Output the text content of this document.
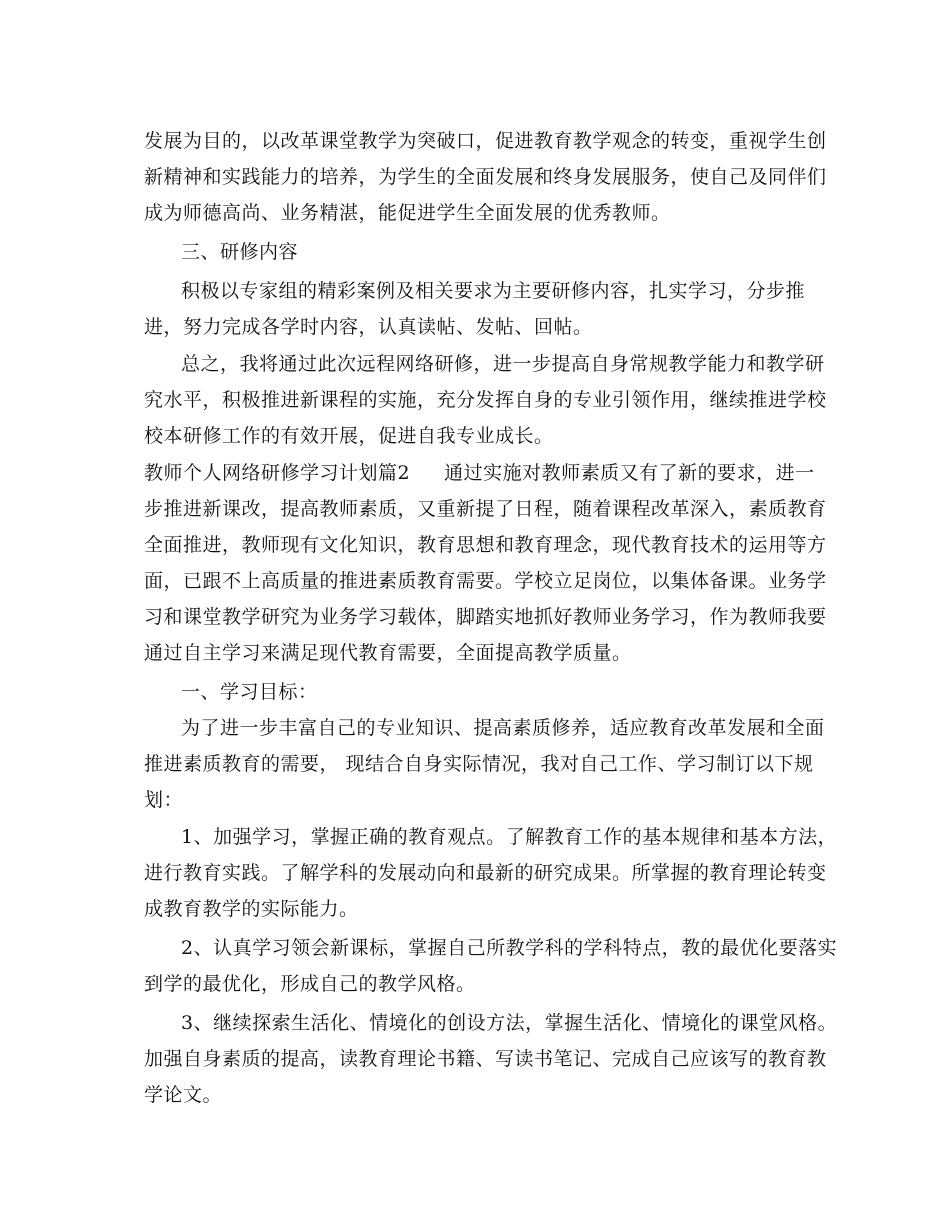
发展为目的，以改革课堂教学为突破口，促进教育教学观念的转变，重视学生创
新精神和实践能力的培养，为学生的全面发展和终身发展服务，使自己及同伴们
成为师德高尚、业务精湛，能促进学生全面发展的优秀教师。
三、研修内容
积极以专家组的精彩案例及相关要求为主要研修内容，扎实学习，分步推
进，努力完成各学时内容，认真读帖、发帖、回帖。
总之，我将通过此次远程网络研修，进一步提高自身常规教学能力和教学研
究水平，积极推进新课程的实施，充分发挥自身的专业引领作用，继续推进学校
校本研修工作的有效开展，促进自我专业成长。
教师个人网络研修学习计划篇2 通过实施对教师素质又有了新的要求，进一
步推进新课改，提高教师素质，又重新提了日程，随着课程改革深入，素质教育
全面推进，教师现有文化知识，教育思想和教育理念，现代教育技术的运用等方
面，已跟不上高质量的推进素质教育需要。学校立足岗位，以集体备课。业务学
习和课堂教学研究为业务学习载体，脚踏实地抓好教师业务学习，作为教师我要
通过自主学习来满足现代教育需要，全面提高教学质量。
一、学习目标：
为了进一步丰富自己的专业知识、提高素质修养，适应教育改革发展和全面
推进素质教育的需要， 现结合自身实际情况，我对自己工作、学习制订以下规
划：
1、加强学习，掌握正确的教育观点。了解教育工作的基本规律和基本方法，
进行教育实践。了解学科的发展动向和最新的研究成果。所掌握的教育理论转变
成教育教学的实际能力。
2、认真学习领会新课标，掌握自己所教学科的学科特点，教的最优化要落实
到学的最优化，形成自己的教学风格。
3、继续探索生活化、情境化的创设方法，掌握生活化、情境化的课堂风格。
加强自身素质的提高，读教育理论书籍、写读书笔记、完成自己应该写的教育教
学论文。
